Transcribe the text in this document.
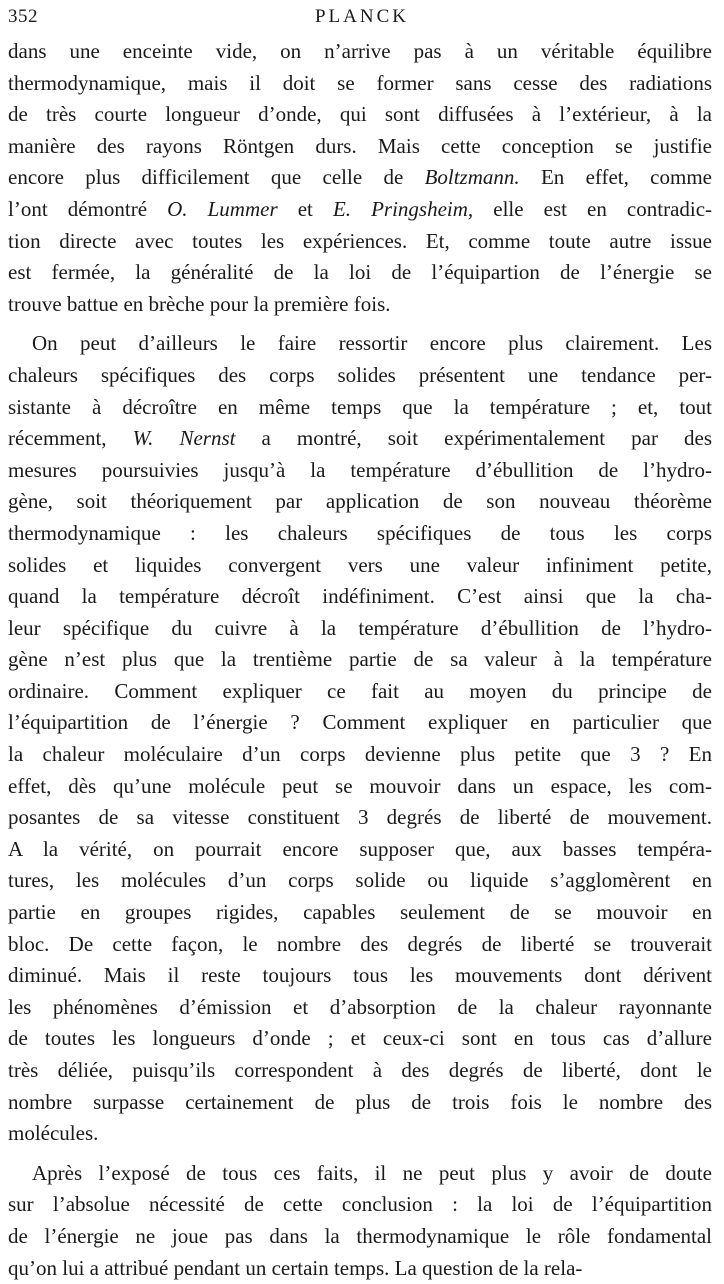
352	PLANCK
dans une enceinte vide, on n’arrive pas à un véritable équilibre
thermodynamique, mais il doit se former sans cesse des radiations
de très courte longueur d’onde, qui sont diffusées à l’extérieur, à la
manière des rayons Röntgen durs. Mais cette conception se justifie
encore plus difficilement que celle de Boltzmann. En effet, comme
l’ont démontré O. Lummer et E. Pringsheim, elle est en contradic-
tion directe avec toutes les expériences. Et, comme toute autre issue
est fermée, la généralité de la loi de l’équipartion de l’énergie se
trouve battue en brèche pour la première fois.
On peut d’ailleurs le faire ressortir encore plus clairement. Les
chaleurs spécifiques des corps solides présentent une tendance per-
sistante à décroître en même temps que la température ; et, tout
récemment, W. Nernst a montré, soit expérimentalement par des
mesures poursuivies jusqu’à la température d’ébullition de l’hydro-
gène, soit théoriquement par application de son nouveau théorème
thermodynamique : les chaleurs spécifiques de tous les corps
solides et liquides convergent vers une valeur infiniment petite,
quand la température décroît indéfiniment. C’est ainsi que la cha-
leur spécifique du cuivre à la température d’ébullition de l’hydro-
gène n’est plus que la trentième partie de sa valeur à la température
ordinaire. Comment expliquer ce fait au moyen du principe de
l’équipartition de l’énergie ? Comment expliquer en particulier que
la chaleur moléculaire d’un corps devienne plus petite que 3 ? En
effet, dès qu’une molécule peut se mouvoir dans un espace, les com-
posantes de sa vitesse constituent 3 degrés de liberté de mouvement.
A la vérité, on pourrait encore supposer que, aux basses tempéra-
tures, les molécules d’un corps solide ou liquide s’agglomèrent en
partie en groupes rigides, capables seulement de se mouvoir en
bloc. De cette façon, le nombre des degrés de liberté se trouverait
diminué. Mais il reste toujours tous les mouvements dont dérivent
les phénomènes d’émission et d’absorption de la chaleur rayonnante
de toutes les longueurs d’onde ; et ceux-ci sont en tous cas d’allure
très déliée, puisqu’ils correspondent à des degrés de liberté, dont le
nombre surpasse certainement de plus de trois fois le nombre des
molécules.
Après l’exposé de tous ces faits, il ne peut plus y avoir de doute
sur l’absolue nécessité de cette conclusion : la loi de l’équipartition
de l’énergie ne joue pas dans la thermodynamique le rôle fondamental
qu’on lui a attribué pendant un certain temps. La question de la rela-
